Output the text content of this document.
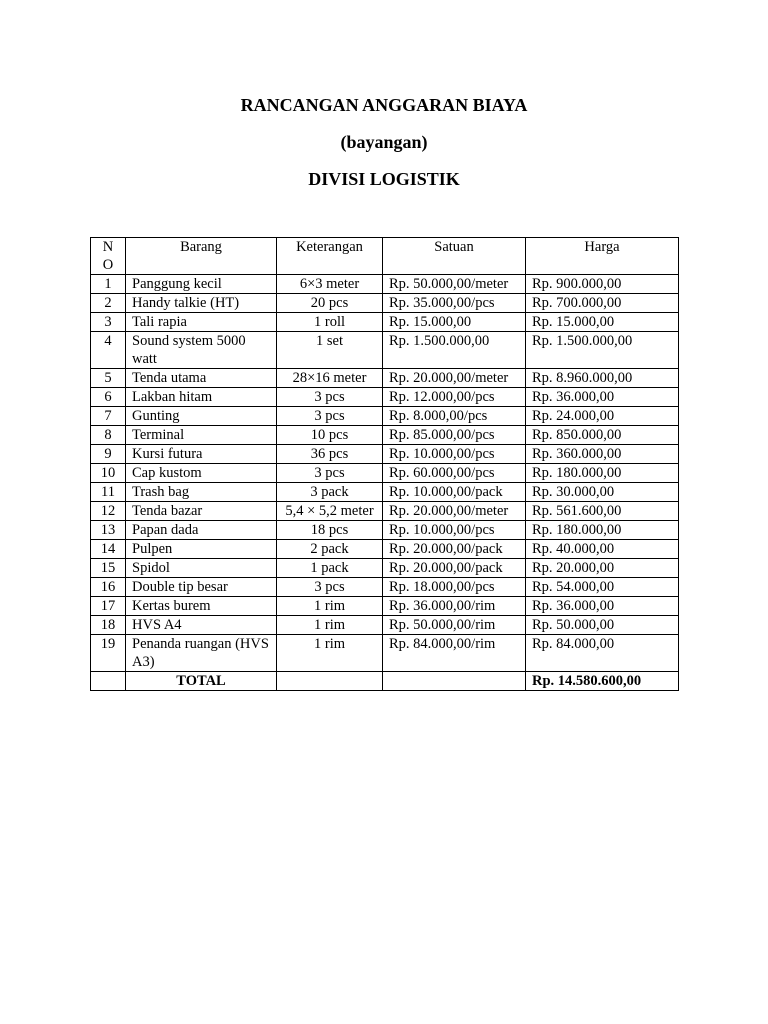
RANCANGAN ANGGARAN BIAYA
(bayangan)
DIVISI LOGISTIK
N O	Barang	Keterangan	Satuan	Harga
1	Panggung kecil	6×3 meter	Rp. 50.000,00/meter	Rp. 900.000,00
2	Handy talkie (HT)	20 pcs	Rp. 35.000,00/pcs	Rp. 700.000,00
3	Tali rapia	1 roll	Rp. 15.000,00	Rp. 15.000,00
4	Sound system 5000 watt	1 set	Rp. 1.500.000,00	Rp. 1.500.000,00
5	Tenda utama	28×16 meter	Rp. 20.000,00/meter	Rp. 8.960.000,00
6	Lakban hitam	3 pcs	Rp. 12.000,00/pcs	Rp. 36.000,00
7	Gunting	3 pcs	Rp. 8.000,00/pcs	Rp. 24.000,00
8	Terminal	10 pcs	Rp. 85.000,00/pcs	Rp. 850.000,00
9	Kursi futura	36 pcs	Rp. 10.000,00/pcs	Rp. 360.000,00
10	Cap kustom	3 pcs	Rp. 60.000,00/pcs	Rp. 180.000,00
11	Trash bag	3 pack	Rp. 10.000,00/pack	Rp. 30.000,00
12	Tenda bazar	5,4 × 5,2 meter	Rp. 20.000,00/meter	Rp. 561.600,00
13	Papan dada	18 pcs	Rp. 10.000,00/pcs	Rp. 180.000,00
14	Pulpen	2 pack	Rp. 20.000,00/pack	Rp. 40.000,00
15	Spidol	1 pack	Rp. 20.000,00/pack	Rp. 20.000,00
16	Double tip besar	3 pcs	Rp. 18.000,00/pcs	Rp. 54.000,00
17	Kertas burem	1 rim	Rp. 36.000,00/rim	Rp. 36.000,00
18	HVS A4	1 rim	Rp. 50.000,00/rim	Rp. 50.000,00
19	Penanda ruangan (HVS A3)	1 rim	Rp. 84.000,00/rim	Rp. 84.000,00
	TOTAL			Rp. 14.580.600,00
